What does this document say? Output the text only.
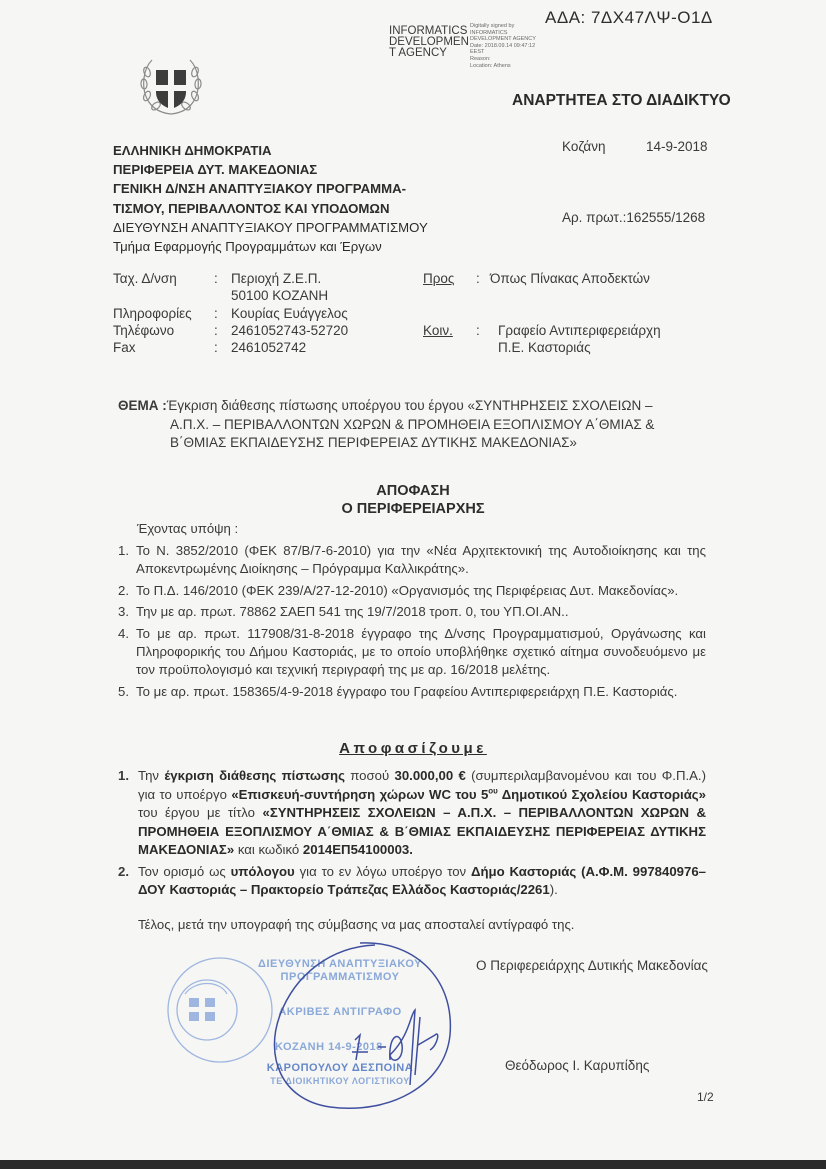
ΑΔΑ: 7ΔΧ47ΛΨ-Ο1Δ
INFORMATICS
DEVELOPMEN
T AGENCY
Digitally signed by
INFORMATICS
DEVELOPMENT AGENCY
Date: 2018.09.14 09:47:12
EEST
Reason:
Location: Athens
ΑΝΑΡΤΗΤΕΑ ΣΤΟ ΔΙΑΔΙΚΤΥΟ
ΕΛΛΗΝΙΚΗ ΔΗΜΟΚΡΑΤΙΑ
ΠΕΡΙΦΕΡΕΙΑ ΔΥΤ. ΜΑΚΕΔΟΝΙΑΣ
ΓΕΝΙΚΗ Δ/ΝΣΗ ΑΝΑΠΤΥΞΙΑΚΟΥ ΠΡΟΓΡΑΜΜΑ-
ΤΙΣΜΟΥ, ΠΕΡΙΒΑΛΛΟΝΤΟΣ ΚΑΙ ΥΠΟΔΟΜΩΝ
ΔΙΕΥΘΥΝΣΗ ΑΝΑΠΤΥΞΙΑΚΟΥ ΠΡΟΓΡΑΜΜΑΤΙΣΜΟΥ
Τμήμα Εφαρμογής Προγραμμάτων και Έργων
Κοζάνη	14-9-2018
Αρ. πρωτ.:162555/1268
Ταχ. Δ/νση	: Περιοχή Ζ.Ε.Π.
50100 ΚΟΖΑΝΗ
Πληροφορίες : Κουρίας Ευάγγελος
Τηλέφωνο	: 2461052743-52720
Fax	: 2461052742
Προς : Όπως Πίνακας Αποδεκτών
Κοιν. : Γραφείο Αντιπεριφερειάρχη
Π.Ε. Καστοριάς
ΘΕΜΑ :Έγκριση διάθεσης πίστωσης υποέργου του έργου «ΣΥΝΤΗΡΗΣΕΙΣ ΣΧΟΛΕΙΩΝ –
Α.Π.Χ. – ΠΕΡΙΒΑΛΛΟΝΤΩΝ ΧΩΡΩΝ & ΠΡΟΜΗΘΕΙΑ ΕΞΟΠΛΙΣΜΟΥ Α΄ΘΜΙΑΣ &
Β΄ΘΜΙΑΣ ΕΚΠΑΙΔΕΥΣΗΣ ΠΕΡΙΦΕΡΕΙΑΣ ΔΥΤΙΚΗΣ ΜΑΚΕΔΟΝΙΑΣ»
ΑΠΟΦΑΣΗ
Ο ΠΕΡΙΦΕΡΕΙΑΡΧΗΣ
Έχοντας υπόψη :
1. Το Ν. 3852/2010 (ΦΕΚ 87/Β/7-6-2010) για την «Νέα Αρχιτεκτονική της Αυτοδιοίκησης και της Αποκεντρωμένης Διοίκησης – Πρόγραμμα Καλλικράτης».
2. Το Π.Δ. 146/2010 (ΦΕΚ 239/Α/27-12-2010) «Οργανισμός της Περιφέρειας Δυτ. Μακεδονίας».
3. Την με αρ. πρωτ. 78862 ΣΑΕΠ 541 της 19/7/2018 τροπ. 0, του ΥΠ.ΟΙ.ΑΝ..
4. Το με αρ. πρωτ. 117908/31-8-2018 έγγραφο της Δ/νσης Προγραμματισμού, Οργάνωσης και Πληροφορικής του Δήμου Καστοριάς, με το οποίο υποβλήθηκε σχετικό αίτημα συνοδευόμενο με τον προϋπολογισμό και τεχνική περιγραφή της με αρ. 16/2018 μελέτης.
5. Το με αρ. πρωτ. 158365/4-9-2018 έγγραφο του Γραφείου Αντιπεριφερειάρχη Π.Ε. Καστοριάς.
Αποφασίζουμε
1. Την έγκριση διάθεσης πίστωσης ποσού 30.000,00 € (συμπεριλαμβανομένου και του Φ.Π.Α.) για το υποέργο «Επισκευή-συντήρηση χώρων WC του $5^{o\upsilon}$ Δημοτικού Σχολείου Καστοριάς» του έργου με τίτλο «ΣΥΝΤΗΡΗΣΕΙΣ ΣΧΟΛΕΙΩΝ – Α.Π.Χ. – ΠΕΡΙΒΑΛΛΟΝΤΩΝ ΧΩΡΩΝ & ΠΡΟΜΗΘΕΙΑ ΕΞΟΠΛΙΣΜΟΥ Α΄ΘΜΙΑΣ & Β΄ΘΜΙΑΣ ΕΚΠΑΙΔΕΥΣΗΣ ΠΕΡΙΦΕΡΕΙΑΣ ΔΥΤΙΚΗΣ ΜΑΚΕΔΟΝΙΑΣ» και κωδικό 2014ΕΠ54100003.
2. Τον ορισμό ως υπόλογου για το εν λόγω υποέργο τον Δήμο Καστοριάς (Α.Φ.Μ. 997840976– ΔΟΥ Καστοριάς – Πρακτορείο Τράπεζας Ελλάδος Καστοριάς/2261).
Τέλος, μετά την υπογραφή της σύμβασης να μας αποσταλεί αντίγραφό της.
ΔΙΕΥΘΥΝΣΗ ΑΝΑΠΤΥΞΙΑΚΟΥ
ΠΡΟΓΡΑΜΜΑΤΙΣΜΟΥ
ΑΚΡΙΒΕΣ ΑΝΤΙΓΡΑΦΟ
ΚΟΖΑΝΗ 14-9-2018
ΚΑΡΟΠΟΥΛΟΥ ΔΕΣΠΟΙΝΑ
ΤΕ ΔΙΟΙΚΗΤΙΚΟΥ ΛΟΓΙΣΤΙΚΟΥ
Ο Περιφερειάρχης Δυτικής Μακεδονίας
Θεόδωρος Ι. Καρυπίδης
1/2
